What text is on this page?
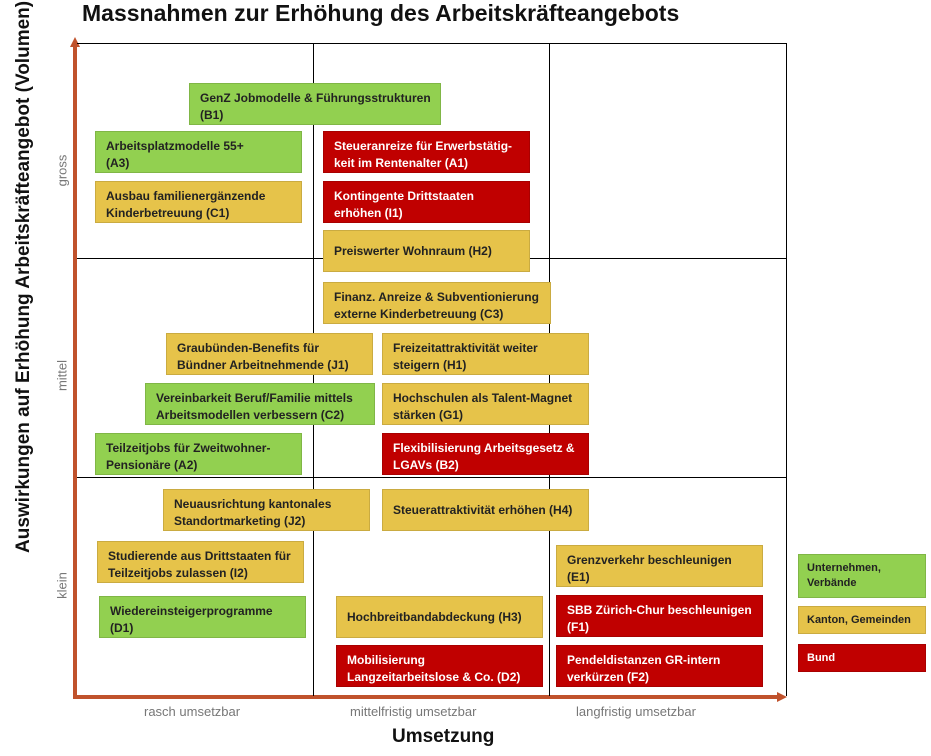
Massnahmen zur Erhöhung des Arbeitskräfteangebots
gross
mittel
klein
Auswirkungen auf Erhöhung Arbeitskräfteangebot (Volumen)
rasch umsetzbar	mittelfristig umsetzbar	langfristig umsetzbar
Umsetzung
GenZ Jobmodelle & Führungsstrukturen
(B1)
Arbeitsplatzmodelle 55+
(A3)
Ausbau familienergänzende
Kinderbetreuung (C1)
Steueranreize für Erwerbstätig-
keit im Rentenalter (A1)
Kontingente Drittstaaten
erhöhen (I1)
Preiswerter Wohnraum (H2)
Finanz. Anreize & Subventionierung
externe Kinderbetreuung (C3)
Graubünden-Benefits für
Bündner Arbeitnehmende (J1)
Freizeitattraktivität weiter
steigern (H1)
Vereinbarkeit Beruf/Familie mittels
Arbeitsmodellen verbessern (C2)
Hochschulen als Talent-Magnet
stärken (G1)
Teilzeitjobs für Zweitwohner-
Pensionäre (A2)
Flexibilisierung Arbeitsgesetz &
LGAVs (B2)
Neuausrichtung kantonales
Standortmarketing (J2)
Steuerattraktivität erhöhen (H4)
Studierende aus Drittstaaten für
Teilzeitjobs zulassen (I2)
Grenzverkehr beschleunigen
(E1)
Wiedereinsteigerprogramme
(D1)
Hochbreitbandabdeckung (H3)	SBB Zürich-Chur beschleunigen
(F1)
Mobilisierung
Langzeitarbeitslose & Co. (D2)
Pendeldistanzen GR-intern
verkürzen (F2)
Unternehmen, Verbände
Kanton, Gemeinden
Bund
